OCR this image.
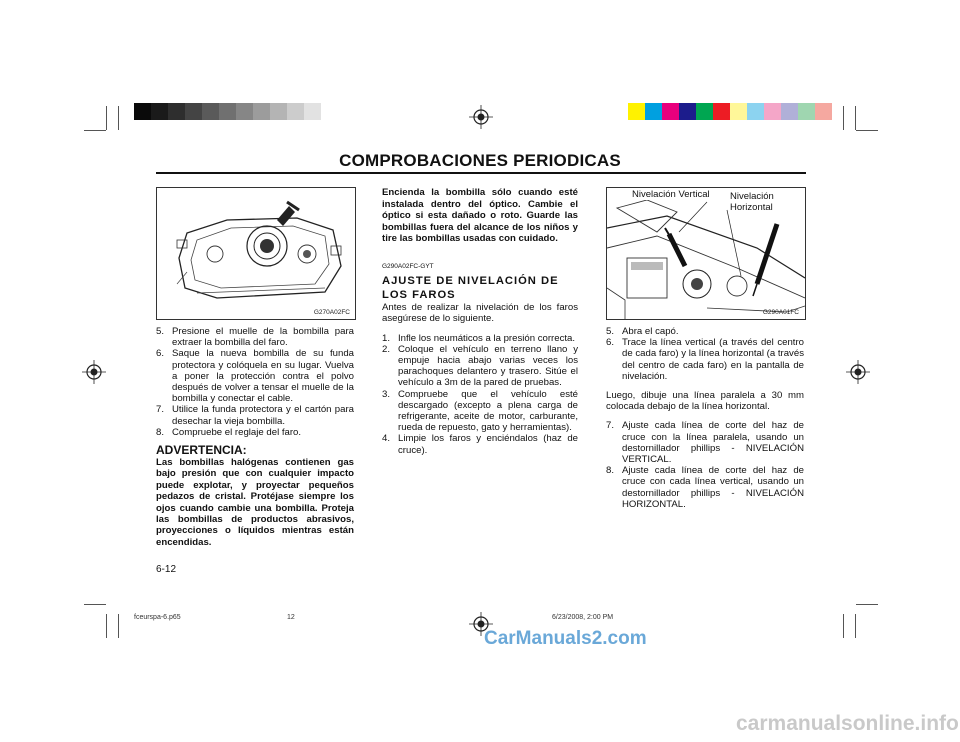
COMPROBACIONES PERIODICAS
G270A02FC
Nivelación Vertical Nivelación
Horizontal
G290A01FC
5. Presione el muelle de la bombilla para extraer la bombilla del faro.
6. Saque la nueva bombilla de su funda protectora y colóquela en su lugar. Vuelva a poner la protección contra el polvo después de volver a tensar el muelle de la bombilla y conectar el cable.
7. Utilice la funda protectora y el cartón para desechar la vieja bombilla.
8. Compruebe el reglaje del faro.
ADVERTENCIA:

Las bombillas halógenas contienen gas bajo presión que con cualquier impacto puede explotar, y proyectar pequeños pedazos de cristal. Protéjase siempre los ojos cuando cambie una bombilla. Proteja las bombillas de productos abrasivos, proyecciones o líquidos mientras están encendidas.

Encienda la bombilla sólo cuando esté instalada dentro del óptico. Cambie el óptico si esta dañado o roto. Guarde las bombillas fuera del alcance de los niños y tire las bombillas usadas con cuidado.

G290A02FC-GYT
AJUSTE DE NIVELACIÓN DE LOS FAROS

Antes de realizar la nivelación de los faros asegúrese de lo siguiente.

1. Infle los neumáticos a la presión correcta.
2. Coloque el vehículo en terreno llano y empuje hacia abajo varias veces los parachoques delantero y trasero. Sitúe el vehículo a 3m de la pared de pruebas.
3. Compruebe que el vehículo esté descargado (excepto a plena carga de refrigerante, aceite de motor, carburante, rueda de repuesto, gato y herramientas).
4. Limpie los faros y enciéndalos (haz de cruce).
5. Abra el capó.
6. Trace la línea vertical (a través del centro de cada faro) y la línea horizontal (a través del centro de cada faro) en la pantalla de nivelación.

Luego, dibuje una línea paralela a 30 mm colocada debajo de la línea horizontal.

7. Ajuste cada línea de corte del haz de cruce con la línea paralela, usando un destornillador phillips - NIVELACIÓN VERTICAL.
8. Ajuste cada línea de corte del haz de cruce con cada línea vertical, usando un destornillador phillips - NIVELACIÓN HORIZONTAL.
6-12
fceurspa-6.p65	12	6/23/2008, 2:00 PM
CarManuals2.com
carmanualsonline.info
